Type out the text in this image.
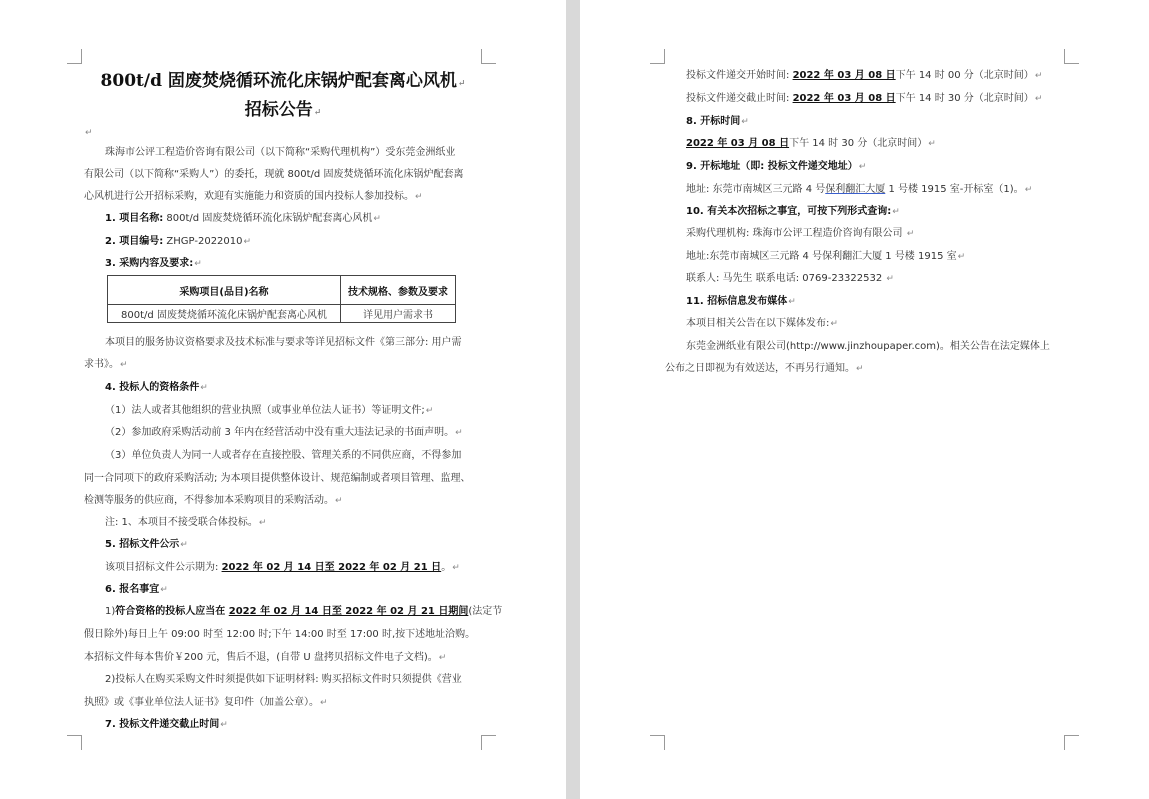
800t/d 固废焚烧循环流化床锅炉配套离心风机↵
招标公告↵
↵
珠海市公评工程造价咨询有限公司（以下简称“采购代理机构”）受东莞金洲纸业
有限公司（以下简称“采购人”）的委托，现就 800t/d 固废焚烧循环流化床锅炉配套离
心风机进行公开招标采购，欢迎有实施能力和资质的国内投标人参加投标。↵
1. 项目名称: 800t/d 固废焚烧循环流化床锅炉配套离心风机↵
2. 项目编号: ZHGP-2022010↵
3. 采购内容及要求:↵
采购项目(品目)名称	技术规格、参数及要求
800t/d 固废焚烧循环流化床锅炉配套离心风机	详见用户需求书
本项目的服务协议资格要求及技术标准与要求等详见招标文件《第三部分: 用户需
求书》。↵
4. 投标人的资格条件↵
（1）法人或者其他组织的营业执照（或事业单位法人证书）等证明文件;↵
（2）参加政府采购活动前 3 年内在经营活动中没有重大违法记录的书面声明。↵
（3）单位负责人为同一人或者存在直接控股、管理关系的不同供应商，不得参加
同一合同项下的政府采购活动; 为本项目提供整体设计、规范编制或者项目管理、监理、
检测等服务的供应商，不得参加本采购项目的采购活动。↵
注: 1、本项目不接受联合体投标。↵
5. 招标文件公示↵
该项目招标文件公示期为: 2022 年 02 月 14 日至 2022 年 02 月 21 日。↵
6. 报名事宜↵
1)符合资格的投标人应当在 2022 年 02 月 14 日至 2022 年 02 月 21 日期间(法定节
假日除外)每日上午 09:00 时至 12:00 时;下午 14:00 时至 17:00 时,按下述地址洽购。
本招标文件每本售价￥200 元，售后不退，(自带 U 盘拷贝招标文件电子文档)。↵
2)投标人在购买采购文件时须提供如下证明材料: 购买招标文件时只须提供《营业
执照》或《事业单位法人证书》复印件（加盖公章）。↵
7. 投标文件递交截止时间↵
投标文件递交开始时间: 2022 年 03 月 08 日下午 14 时 00 分（北京时间）↵
投标文件递交截止时间: 2022 年 03 月 08 日下午 14 时 30 分（北京时间）↵
8. 开标时间↵
2022 年 03 月 08 日下午 14 时 30 分（北京时间）↵
9. 开标地址（即: 投标文件递交地址）↵
地址: 东莞市南城区三元路 4 号保利翻汇大厦 1 号楼 1915 室-开标室（1)。↵
10. 有关本次招标之事宜，可按下列形式查询:↵
采购代理机构: 珠海市公评工程造价咨询有限公司 ↵
地址:东莞市南城区三元路 4 号保利翻汇大厦 1 号楼 1915 室↵
联系人: 马先生 联系电话: 0769-23322532 ↵
11. 招标信息发布媒体↵
本项目相关公告在以下媒体发布:↵
东莞金洲纸业有限公司(http://www.jinzhoupaper.com)。相关公告在法定媒体上
公布之日即视为有效送达，不再另行通知。↵
